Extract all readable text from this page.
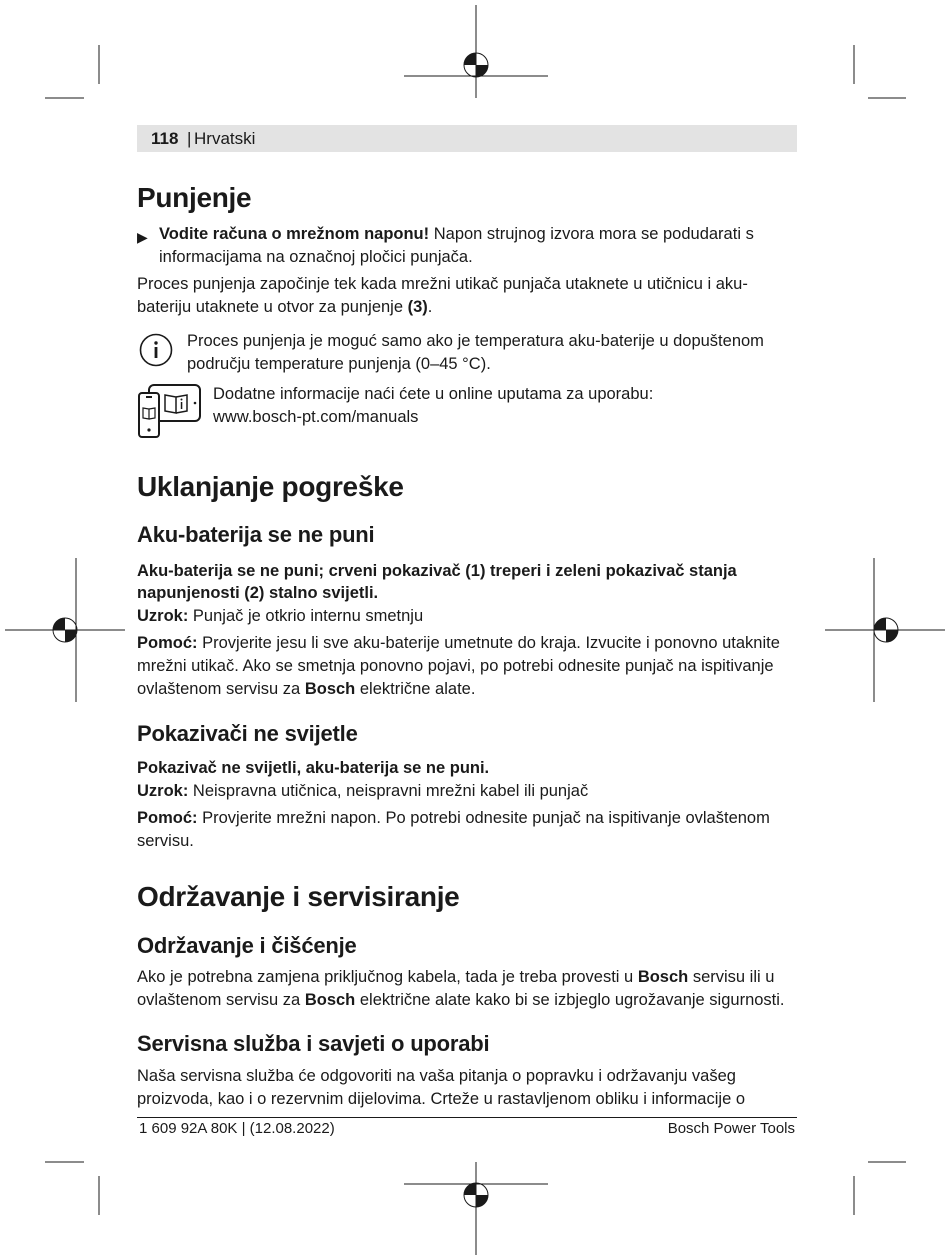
118 | Hrvatski
Punjenje
▶ Vodite računa o mrežnom naponu! Napon strujnog izvora mora se podudarati s
informacijama na označnoj pločici punjača.
Proces punjenja započinje tek kada mrežni utikač punjača utaknete u utičnicu i aku-
bateriju utaknete u otvor za punjenje (3).
Proces punjenja je moguć samo ako je temperatura aku-baterije u dopuštenom
području temperature punjenja (0–45 °C).
Dodatne informacije naći ćete u online uputama za uporabu:
www.bosch-pt.com/manuals
Uklanjanje pogreške
Aku-baterija se ne puni
Aku-baterija se ne puni; crveni pokazivač (1) treperi i zeleni pokazivač stanja
napunjenosti (2) stalno svijetli.
Uzrok: Punjač je otkrio internu smetnju
Pomoć: Provjerite jesu li sve aku-baterije umetnute do kraja. Izvucite i ponovno utaknite
mrežni utikač. Ako se smetnja ponovno pojavi, po potrebi odnesite punjač na ispitivanje
ovlaštenom servisu za Bosch električne alate.
Pokazivači ne svijetle
Pokazivač ne svijetli, aku-baterija se ne puni.
Uzrok: Neispravna utičnica, neispravni mrežni kabel ili punjač
Pomoć: Provjerite mrežni napon. Po potrebi odnesite punjač na ispitivanje ovlaštenom
servisu.
Održavanje i servisiranje
Održavanje i čišćenje
Ako je potrebna zamjena priključnog kabela, tada je treba provesti u Bosch servisu ili u
ovlaštenom servisu za Bosch električne alate kako bi se izbjeglo ugrožavanje sigurnosti.
Servisna služba i savjeti o uporabi
Naša servisna služba će odgovoriti na vaša pitanja o popravku i održavanju vašeg
proizvoda, kao i o rezervnim dijelovima. Crteže u rastavljenom obliku i informacije o
1 609 92A 80K | (12.08.2022)	Bosch Power Tools
